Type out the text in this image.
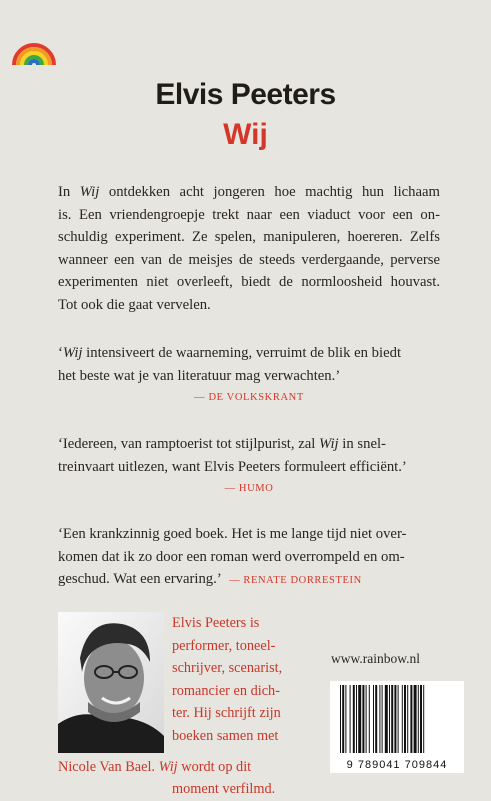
Elvis Peeters
Wij
In Wij ontdekken acht jongeren hoe machtig hun lichaam
is. Een vriendengroepje trekt naar een viaduct voor een on-
schuldig experiment. Ze spelen, manipuleren, hoereren. Zelfs
wanneer een van de meisjes de steeds verdergaande, perverse
experimenten niet overleeft, biedt de normloosheid houvast.
Tot ook die gaat vervelen.
‘Wij intensiveert de waarneming, verruimt de blik en biedt
het beste wat je van literatuur mag verwachten.’
— DE VOLKSKRANT
‘Iedereen, van ramptoerist tot stijlpurist, zal Wij in snel-
treinvaart uitlezen, want Elvis Peeters formuleert efficiënt.’
— HUMO
‘Een krankzinnig goed boek. Het is me lange tijd niet over-
komen dat ik zo door een roman werd overrompeld en om-
geschud. Wat een ervaring.’ — RENATE DORRESTEIN
Elvis Peeters is
performer, toneel-
schrijver, scenarist,
romancier en dich-
ter. Hij schrijft zijn
boeken samen met
Nicole Van Bael. Wij wordt op dit
moment verfilmd.
www.rainbow.nl
9 789041 709844
